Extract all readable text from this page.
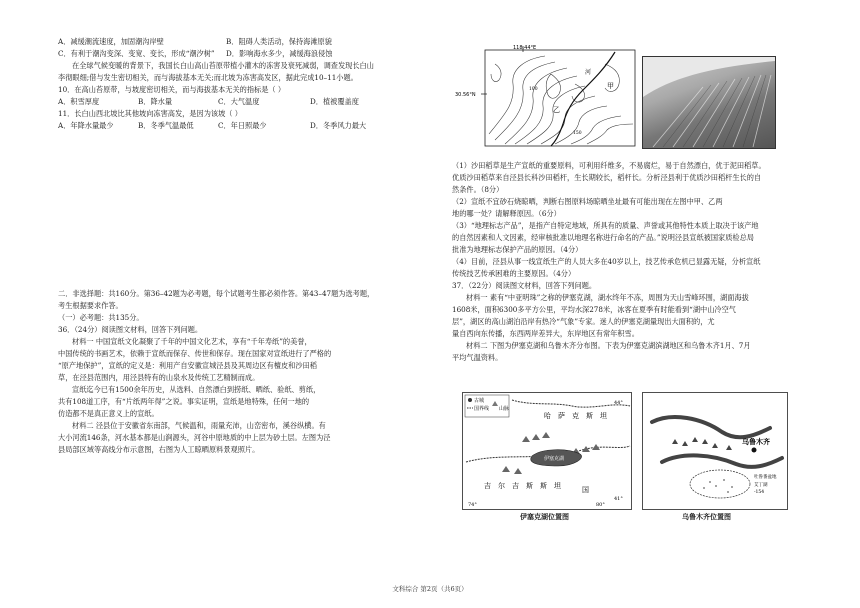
A．减缓潮流速度，加固潮沟岸壁	B．阻碍人类活动，保持海滩原貌
C．有利于潮沟变深、变宽、变长，形成“潮汐树”	D．影响海水多少，减缓海浪侵蚀
在全球气候变暖的背景下，我国长白山高山苔原带植小灌木的冻害及衰死减弱，调查发现长白山
李彻眼细;借与发生密切相关，而与海拔基本无关;而北坡为冻害高发区，据此完成10–11小题。
10．在高山苔原带，与坡度密切相关，而与海拔基本无关的指标是（ ）
A．积雪厚度	B．降水量	C．大气温度	D．植被覆盖度
11．长白山西北坡比其他坡向冻害高发，是因为该坡（ ）
A．年降水量最少	B．冬季气温最低	C．年日照最少	D．冬季风力最大
二．非选择题：共160分。第36–42题为必考题，每个试题考生都必须作答。第43–47题为选考题，
考生根据要求作答。
（一）必考题：共135分。
36．（24分）阅读图文材料，回答下列问题。
材料一 中国宣纸文化凝聚了千年的中国文化艺术，享有“千年寿纸”的美誉，
中国传统的书画艺术，依赖于宣纸而保存、传世和保存。现在国家对宣纸进行了严格的
“原产地保护”，宣纸的定义是：利用产自安徽宣城泾县及其周边区有檀皮和沙田稻
草，在泾县范围内，用泾县特有的山泉水及传统工艺精制而成。
宣纸迄今已有1500余年历史，从选料、自然漂白到捞纸、晒纸、验纸、剪纸，
共有108道工序，有“片纸两年得”之说。事实证明，宣纸是地特殊，任何一地的
仿造都不是真正意义上的宣纸。
材料二 泾县位于安徽省东南部，气候温和，雨量充沛，山峦密布，溪谷纵横。有
大小河流146条，河水基本都是山涧源头，河谷中原地质的中上层为砂土层。左图为泾
县局部区域等高线分布示意图，右图为人工晾晒原料景观照片。
118.44°E
30.56°N
甲
乙
河
100
150
（1）沙田稻草是生产宣纸的重要原料，可利用纤维多，不易腐烂，易于自然漂白，优于泥田稻草。
优质沙田稻草来自泾县长科沙田稻杆，生长期较长，稻杆长。分析泾县利于优质沙田稻杆生长的自
然条件。（8分）
（2）宣纸不宜砂石烧晾晒，判断右图原料场晾晒坐址最有可能出现在左图中甲、乙两
地的哪一处？请解释原因。（6分）
（3）“地理标志产品”，是指产自特定地域，所具有的质量、声誉或其他特性本质上取决于该产地
的自然因素和人文因素，经审核批准以地理名称进行命名的产品。”说明泾县宣纸被国家质检总局
批准为地理标志保护产品的原因。（4分）
（4）目前，泾县从事一线宣纸生产的人员大多在40岁以上，技艺传承危机已显露无疑，分析宣纸
传统技艺传承困难的主要原因。（4分）
37．（22分）阅读图文材料，回答下列问题。
材料一 素有“中亚明珠”之称的伊塞克湖，湖水终年不冻，周围为天山雪峰环围，湖面海拔
1608米，面积6300多平方公里，平均水深278米，冰客在夏季有时能看到“湖中山冷空气
层”，湖区的高山湖泊沿岸有热冷“气象”专家。迷人的伊塞克湖量现出大面积的，尤
量自西向东传播，东西两岸差异大，东岸地区有常年积雪。
材料二 下图为伊塞克湖和乌鲁木齐分布图。下表为伊塞克湖滨湖地区和乌鲁木齐1月、7月
平均气温资料。
古城
国界线 山脉
伊塞克湖
哈 萨 克 斯 坦
吉 尔 吉 斯 斯 坦	国
74°	80°
44°
41°
伊塞克湖位置图
乌鲁木齐
吐鲁番盆地
艾丁湖
-154
乌鲁木齐位置图
文科综合 第2页（共6页）
